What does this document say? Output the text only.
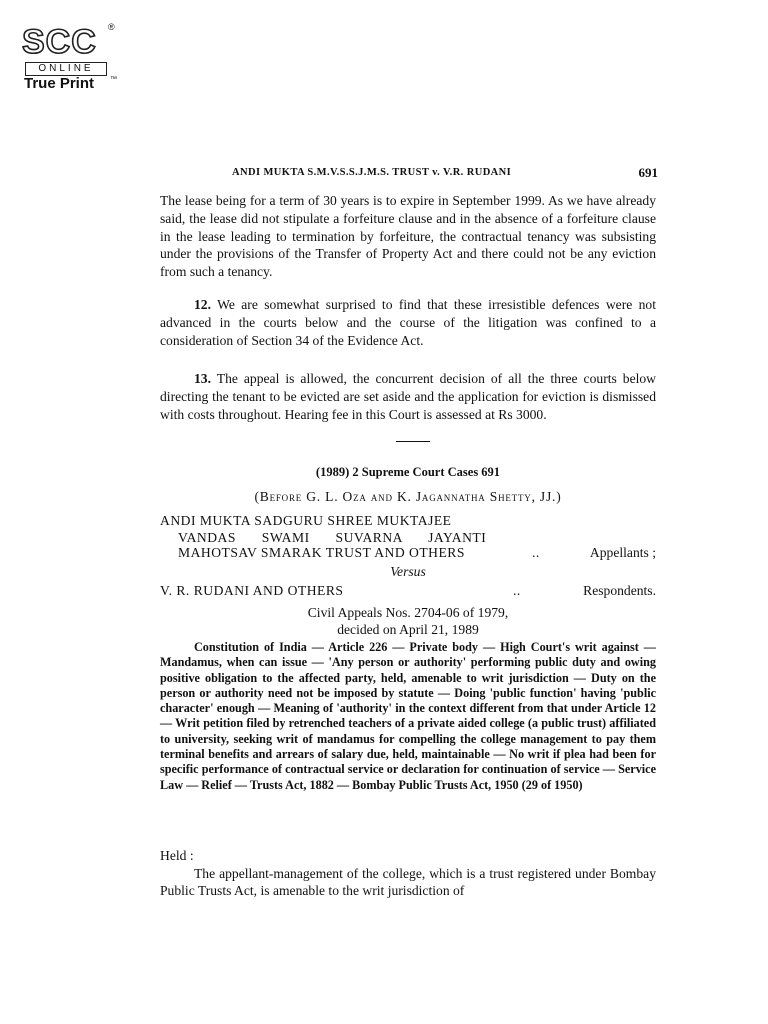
SCC ®
ONLINE
True Print ™
ANDI MUKTA S.M.V.S.S.J.M.S. TRUST v. V.R. RUDANI	691

The lease being for a term of 30 years is to expire in September 1999. As we have already said, the lease did not stipulate a forfeiture clause and in the absence of a forfeiture clause in the lease leading to termination by forfeiture, the contractual tenancy was subsisting under the provisions of the Transfer of Property Act and there could not be any eviction from such a tenancy.

12. We are somewhat surprised to find that these irresistible defences were not advanced in the courts below and the course of the litigation was confined to a consideration of Section 34 of the Evidence Act.

13. The appeal is allowed, the concurrent decision of all the three courts below directing the tenant to be evicted are set aside and the application for eviction is dismissed with costs throughout. Hearing fee in this Court is assessed at Rs 3000.

(1989) 2 Supreme Court Cases 691
(Before G. L. Oza and K. Jagannatha Shetty, JJ.)
ANDI MUKTA SADGURU SHREE MUKTAJEE
VANDAS SWAMI SUVARNA JAYANTI
MAHOTSAV SMARAK TRUST AND OTHERS	..	Appellants ;
Versus
V. R. RUDANI AND OTHERS	..	Respondents.
Civil Appeals Nos. 2704-06 of 1979,
decided on April 21, 1989

Constitution of India — Article 226 — Private body — High Court's writ against — Mandamus, when can issue — 'Any person or authority' performing public duty and owing positive obligation to the affected party, held, amenable to writ jurisdiction — Duty on the person or authority need not be imposed by statute — Doing 'public function' having 'public character' enough — Meaning of 'authority' in the context different from that under Article 12 — Writ petition filed by retrenched teachers of a private aided college (a public trust) affiliated to university, seeking writ of mandamus for compelling the college management to pay them terminal benefits and arrears of salary due, held, maintainable — No writ if plea had been for specific performance of contractual service or declaration for continuation of service — Service Law — Relief — Trusts Act, 1882 — Bombay Public Trusts Act, 1950 (29 of 1950)

Held :

The appellant-management of the college, which is a trust registered under Bombay Public Trusts Act, is amenable to the writ jurisdiction of
